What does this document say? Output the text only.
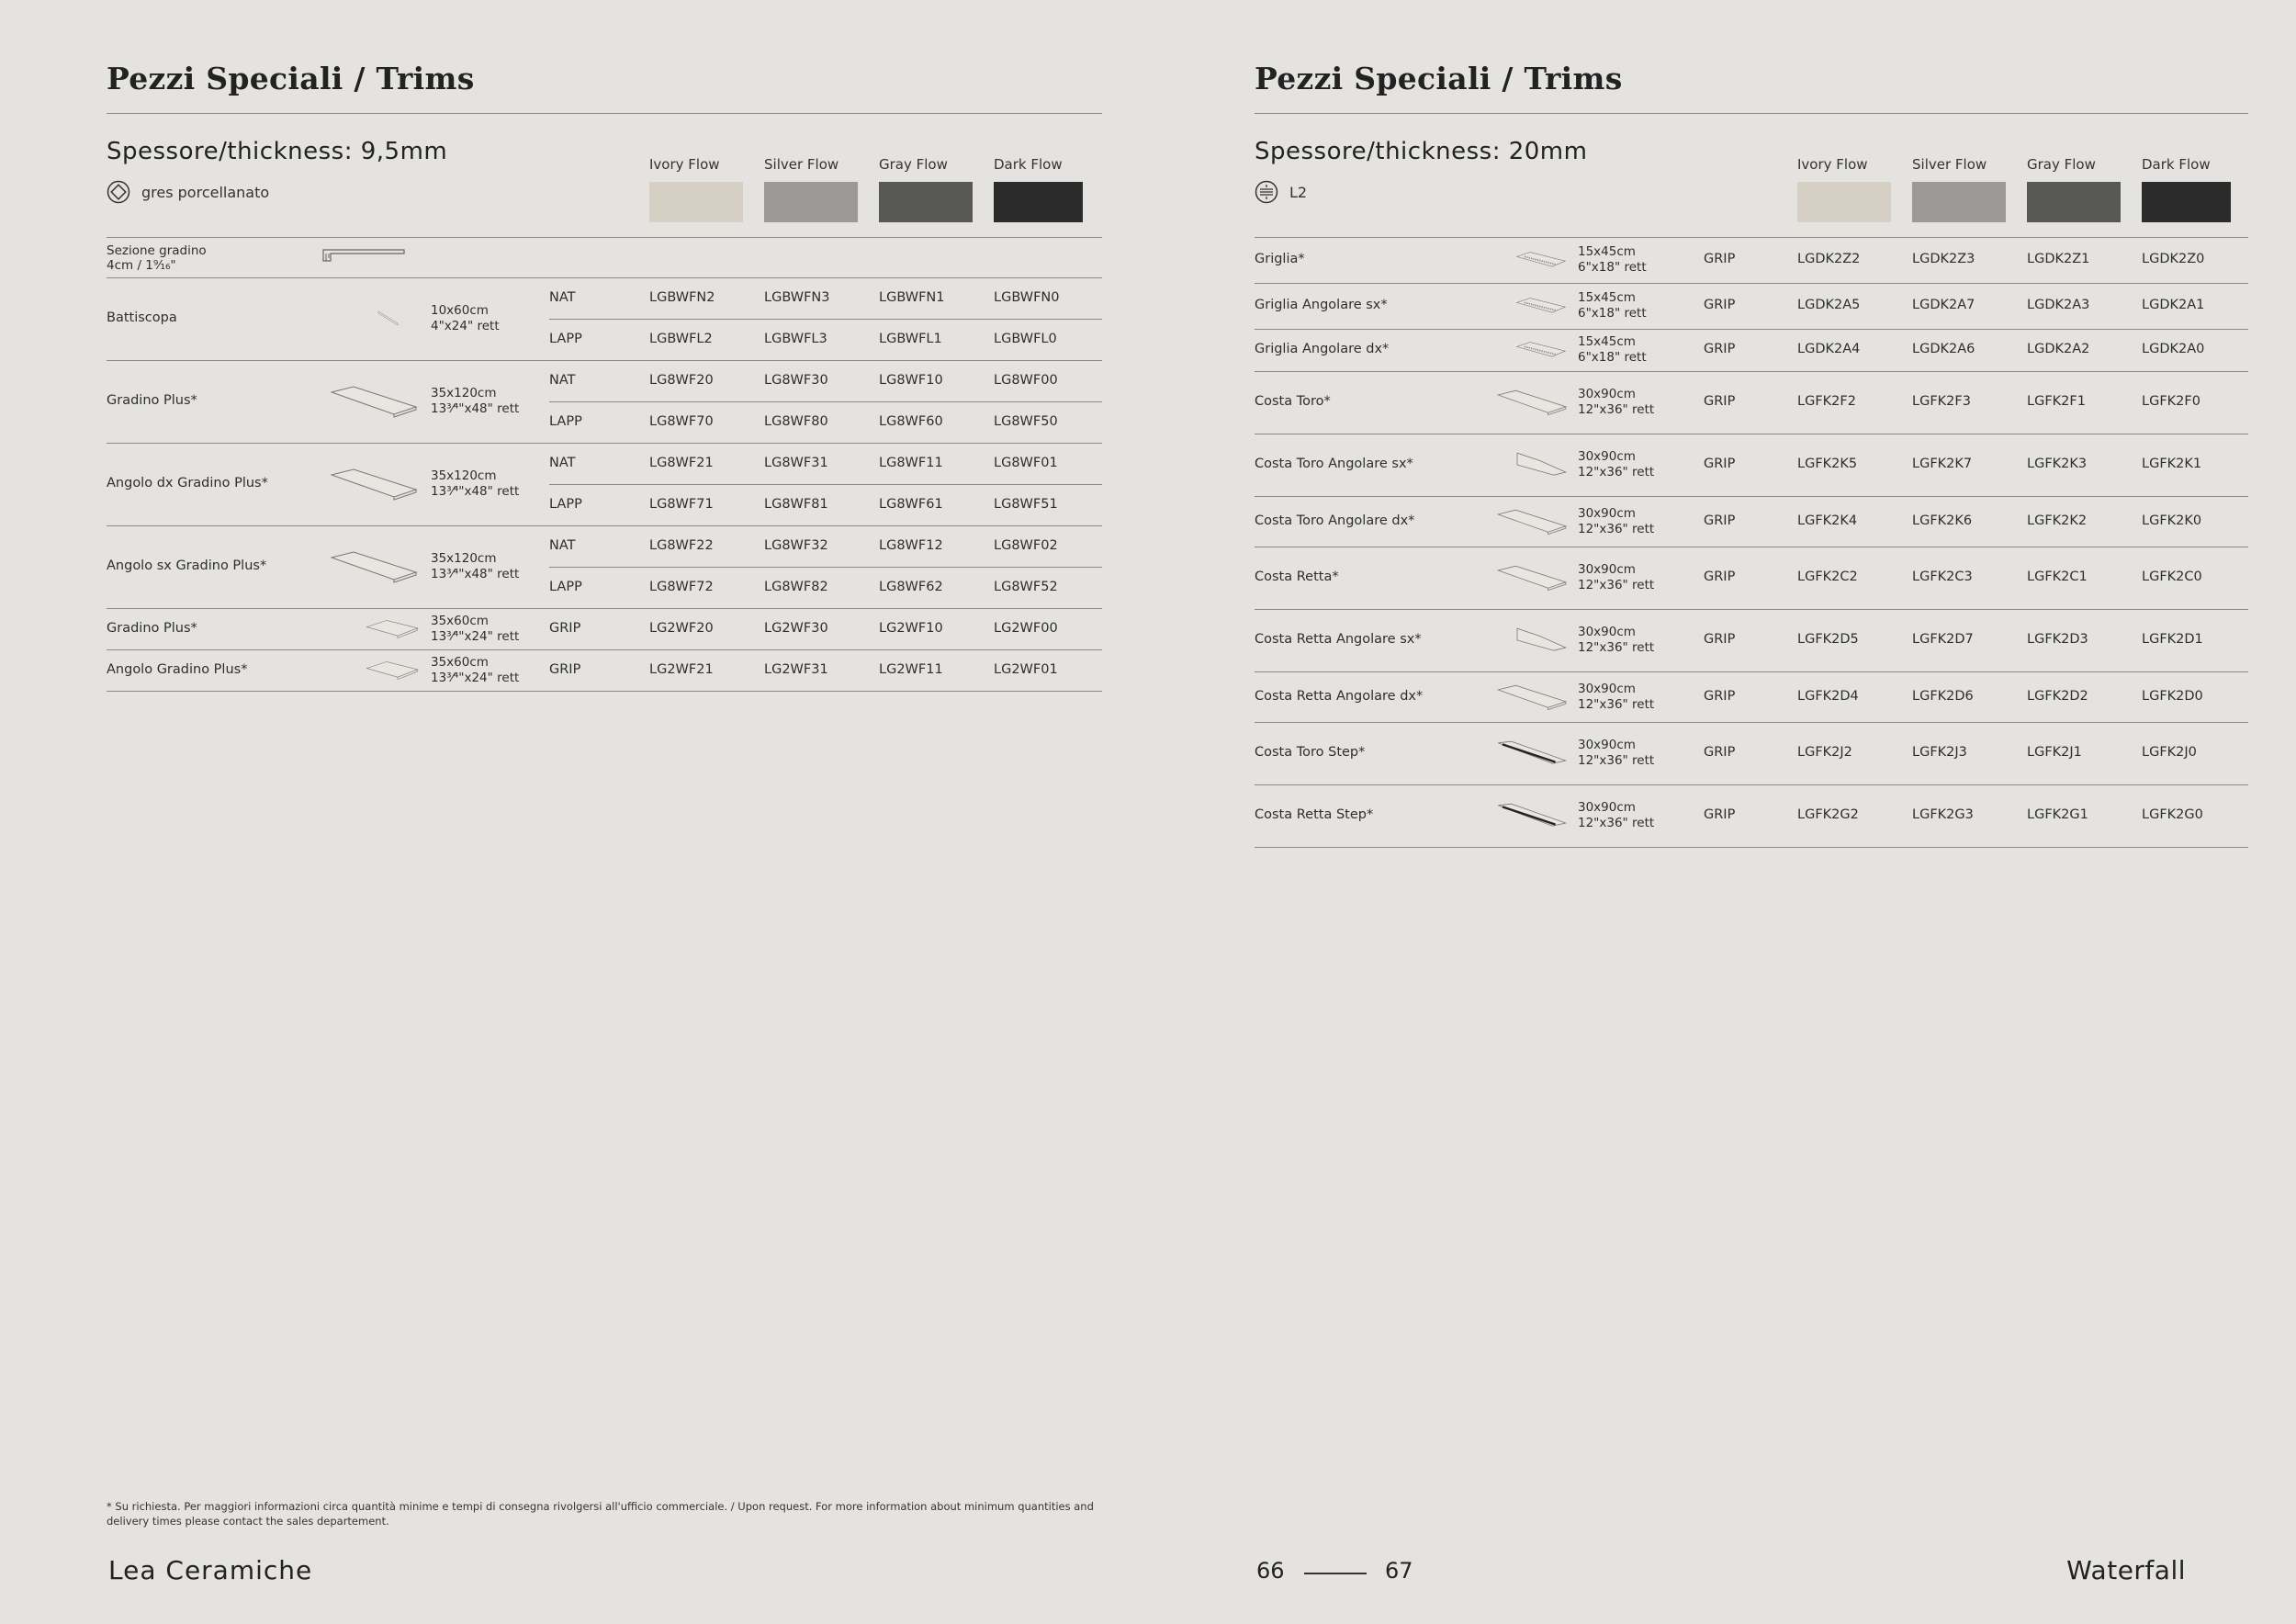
Pezzi Speciali / Trims
Spessore/thickness: 9,5mm
gres porcellanato
Ivory Flow	Silver Flow	Gray Flow	Dark Flow
Sezione gradino
4cm / 1⁹⁄₁₆"
Battiscopa	10x60cm
4"x24" rett
NAT	LGBWFN2	LGBWFN3	LGBWFN1	LGBWFN0
LAPP	LGBWFL2	LGBWFL3	LGBWFL1	LGBWFL0
Gradino Plus*	35x120cm
13³⁄⁴"x48" rett
NAT	LG8WF20	LG8WF30	LG8WF10	LG8WF00
LAPP	LG8WF70	LG8WF80	LG8WF60	LG8WF50
Angolo dx Gradino Plus*	35x120cm
13³⁄⁴"x48" rett
NAT	LG8WF21	LG8WF31	LG8WF11	LG8WF01
LAPP	LG8WF71	LG8WF81	LG8WF61	LG8WF51
Angolo sx Gradino Plus*	35x120cm
13³⁄⁴"x48" rett
NAT	LG8WF22	LG8WF32	LG8WF12	LG8WF02
LAPP	LG8WF72	LG8WF82	LG8WF62	LG8WF52
Gradino Plus*	35x60cm
13³⁄⁴"x24" rett
GRIP	LG2WF20	LG2WF30	LG2WF10	LG2WF00
Angolo Gradino Plus*	35x60cm
13³⁄⁴"x24" rett
GRIP	LG2WF21	LG2WF31	LG2WF11	LG2WF01
Pezzi Speciali / Trims
Spessore/thickness: 20mm
L2
Ivory Flow	Silver Flow	Gray Flow	Dark Flow
Griglia*	15x45cm
6"x18" rett
GRIP	LGDK2Z2	LGDK2Z3	LGDK2Z1	LGDK2Z0
Griglia Angolare sx*	15x45cm
6"x18" rett
GRIP	LGDK2A5	LGDK2A7	LGDK2A3	LGDK2A1
Griglia Angolare dx*	15x45cm
6"x18" rett
GRIP	LGDK2A4	LGDK2A6	LGDK2A2	LGDK2A0
Costa Toro*	30x90cm
12"x36" rett
GRIP	LGFK2F2	LGFK2F3	LGFK2F1	LGFK2F0
Costa Toro Angolare sx*	30x90cm
12"x36" rett
GRIP	LGFK2K5	LGFK2K7	LGFK2K3	LGFK2K1
Costa Toro Angolare dx*	30x90cm
12"x36" rett
GRIP	LGFK2K4	LGFK2K6	LGFK2K2	LGFK2K0
Costa Retta*	30x90cm
12"x36" rett
GRIP	LGFK2C2	LGFK2C3	LGFK2C1	LGFK2C0
Costa Retta Angolare sx*	30x90cm
12"x36" rett
GRIP	LGFK2D5	LGFK2D7	LGFK2D3	LGFK2D1
Costa Retta Angolare dx*	30x90cm
12"x36" rett
GRIP	LGFK2D4	LGFK2D6	LGFK2D2	LGFK2D0
Costa Toro Step*	30x90cm
12"x36" rett
GRIP	LGFK2J2	LGFK2J3	LGFK2J1	LGFK2J0
Costa Retta Step*	30x90cm
12"x36" rett
GRIP	LGFK2G2	LGFK2G3	LGFK2G1	LGFK2G0
* Su richiesta. Per maggiori informazioni circa quantità minime e tempi di consegna rivolgersi all'ufficio commerciale. / Upon request. For more information about minimum quantities and delivery times please contact the sales departement.
Lea Ceramiche	66	67	Waterfall
